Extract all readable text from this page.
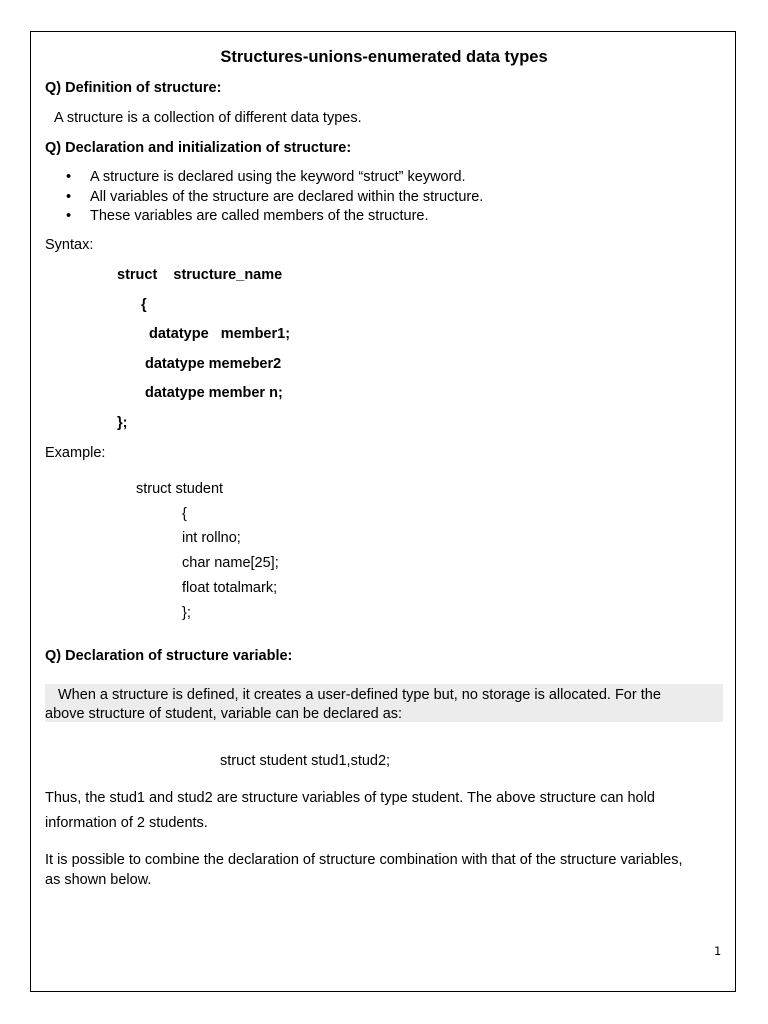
Structures-unions-enumerated data types
Q) Definition of structure:
A structure is a collection of different data types.
Q) Declaration and initialization of structure:
• A structure is declared using the keyword “struct” keyword.
• All variables of the structure are declared within the structure.
• These variables are called members of the structure.
Syntax:
struct    structure_name
{
datatype   member1;
datatype memeber2
datatype member n;
};
Example:
struct student
{
int rollno;
char name[25];
float totalmark;
};
Q) Declaration of structure variable:
When a structure is defined, it creates a user-defined type but, no storage is allocated. For the
above structure of student, variable can be declared as:
struct student stud1,stud2;
Thus, the stud1 and stud2 are structure variables of type student. The above structure can hold
information of 2 students.
It is possible to combine the declaration of structure combination with that of the structure variables,
as shown below.
1
